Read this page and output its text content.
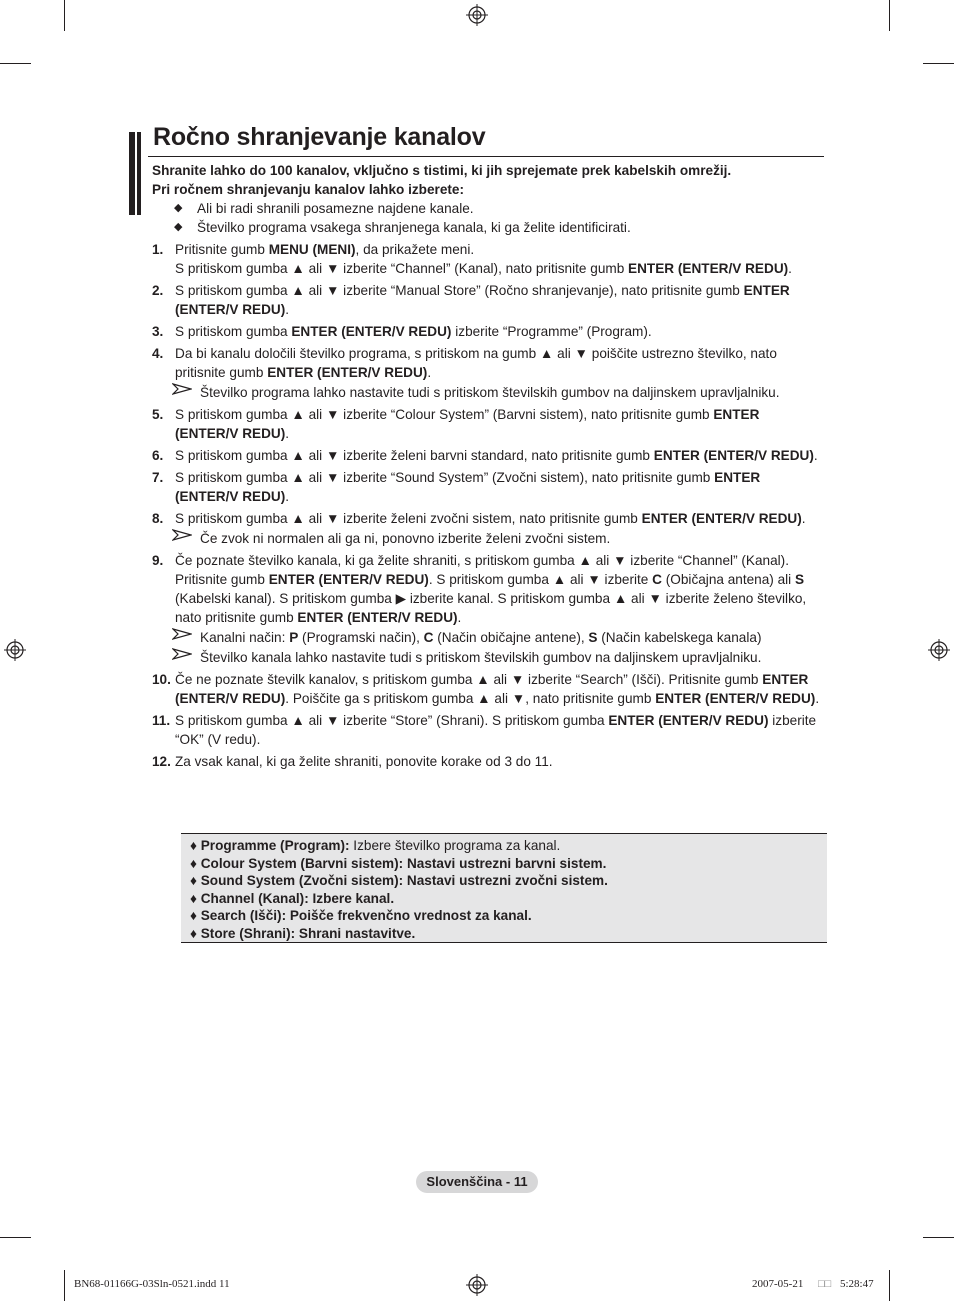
Ročno shranjevanje kanalov

Shranite lahko do 100 kanalov, vključno s tistimi, ki jih sprejemate prek kabelskih omrežij.

Pri ročnem shranjevanju kanalov lahko izberete:

◆ Ali bi radi shranili posamezne najdene kanale.

◆ Številko programa vsakega shranjenega kanala, ki ga želite identificirati.

1. Pritisnite gumb MENU (MENI), da prikažete meni.

S pritiskom gumba ▲ ali ▼ izberite “Channel” (Kanal), nato pritisnite gumb ENTER (ENTER/V REDU).

2. S pritiskom gumba ▲ ali ▼ izberite “Manual Store” (Ročno shranjevanje), nato pritisnite gumb ENTER (ENTER/V REDU).

3. S pritiskom gumba ENTER (ENTER/V REDU) izberite “Programme” (Program).

4. Da bi kanalu določili številko programa, s pritiskom na gumb ▲ ali ▼ poiščite ustrezno številko, nato pritisnite gumb ENTER (ENTER/V REDU).

Številko programa lahko nastavite tudi s pritiskom številskih gumbov na daljinskem upravljalniku.
5. S pritiskom gumba ▲ ali ▼ izberite “Colour System” (Barvni sistem), nato pritisnite gumb ENTER (ENTER/V REDU).

6. S pritiskom gumba ▲ ali ▼ izberite želeni barvni standard, nato pritisnite gumb ENTER (ENTER/V REDU).

7. S pritiskom gumba ▲ ali ▼ izberite “Sound System” (Zvočni sistem), nato pritisnite gumb ENTER (ENTER/V REDU).

8. S pritiskom gumba ▲ ali ▼ izberite želeni zvočni sistem, nato pritisnite gumb ENTER (ENTER/V REDU).

Če zvok ni normalen ali ga ni, ponovno izberite želeni zvočni sistem.
9. Če poznate številko kanala, ki ga želite shraniti, s pritiskom gumba ▲ ali ▼ izberite “Channel” (Kanal). Pritisnite gumb ENTER (ENTER/V REDU). S pritiskom gumba ▲ ali ▼ izberite C (Običajna antena) ali S (Kabelski kanal). S pritiskom gumba ▶ izberite kanal. S pritiskom gumba ▲ ali ▼ izberite želeno številko, nato pritisnite gumb ENTER (ENTER/V REDU).

Kanalni način: P (Programski način), C (Način običajne antene), S (Način kabelskega kanala)
Številko kanala lahko nastavite tudi s pritiskom številskih gumbov na daljinskem upravljalniku.
10. Če ne poznate številk kanalov, s pritiskom gumba ▲ ali ▼ izberite “Search” (Išči). Pritisnite gumb ENTER (ENTER/V REDU). Poiščite ga s pritiskom gumba ▲ ali ▼, nato pritisnite gumb ENTER (ENTER/V REDU).

11. S pritiskom gumba ▲ ali ▼ izberite “Store” (Shrani). S pritiskom gumba ENTER (ENTER/V REDU) izberite “OK” (V redu).

12. Za vsak kanal, ki ga želite shraniti, ponovite korake od 3 do 11.

♦ Programme (Program): Izbere številko programa za kanal.

♦ Colour System (Barvni sistem): Nastavi ustrezni barvni sistem.

♦ Sound System (Zvočni sistem): Nastavi ustrezni zvočni sistem.

♦ Channel (Kanal): Izbere kanal.

♦ Search (Išči): Poišče frekvenčno vrednost za kanal.

♦ Store (Shrani): Shrani nastavitve.

Slovenščina - 11
BN68-01166G-03Sln-0521.indd 11	2007-05-21 □□ 5:28:47
